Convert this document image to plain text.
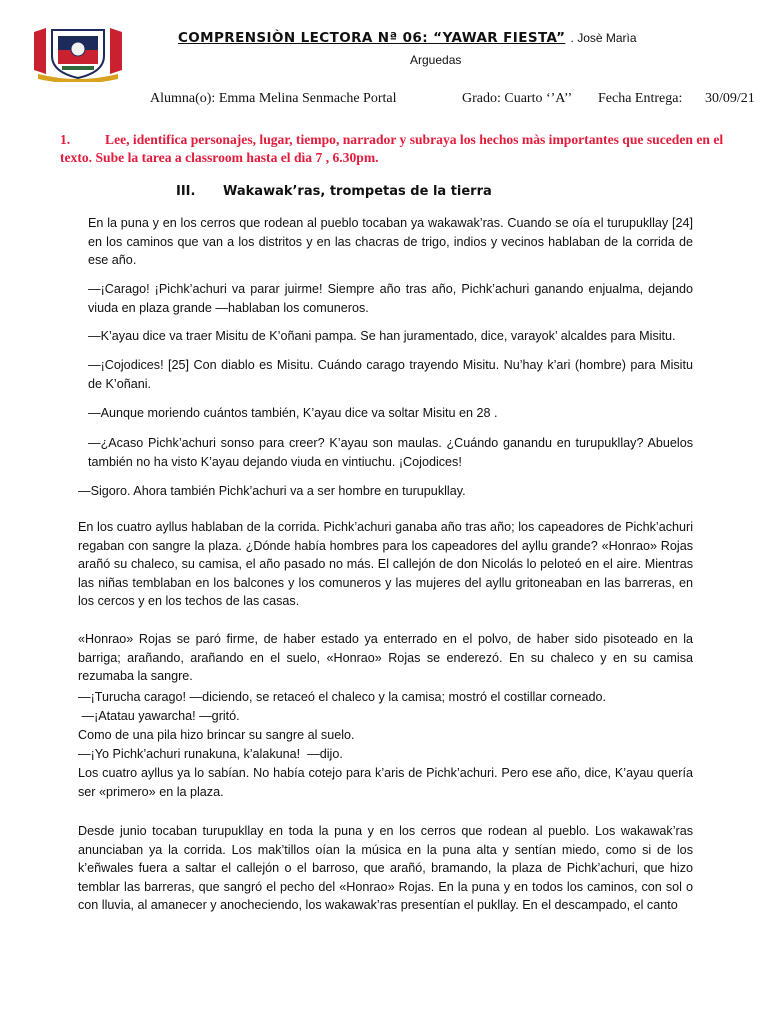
COMPRENSIÒN LECTORA Nª 06: “YAWAR FIESTA” . Josè Marìa
Arguedas
Alumna(o): Emma Melina Senmache Portal	Grado: Cuarto ‘’A’’ Fecha Entrega: 30/09/21
1.	Lee, identifica personajes, lugar, tiempo, narrador y subraya los hechos màs importantes que suceden en el texto. Sube la tarea a classroom hasta el dìa 7 , 6.30pm.
III. Wakawak’ras, trompetas de la tierra

En la puna y en los cerros que rodean al pueblo tocaban ya wakawak’ras. Cuando se oía el turupukllay [24] en los caminos que van a los distritos y en las chacras de trigo, indios y vecinos hablaban de la corrida de ese año.

—¡Carago! ¡Pichk’achuri va parar juirme! Siempre año tras año, Pichk’achuri ganando enjualma, dejando viuda en plaza grande —hablaban los comuneros.

—K’ayau dice va traer Misitu de K’oñani pampa. Se han juramentado, dice, varayok’ alcaldes para Misitu.

—¡Cojodices! [25] Con diablo es Misitu. Cuándo carago trayendo Misitu. Nu’hay k’ari (hombre) para Misitu de K’oñani.

—Aunque moriendo cuántos también, K’ayau dice va soltar Misitu en 28 .

—¿Acaso Pichk’achuri sonso para creer? K’ayau son maulas. ¿Cuándo ganandu en turupukllay? Abuelos también no ha visto K’ayau dejando viuda en vintiuchu. ¡Cojodices!

—Sigoro. Ahora también Pichk’achuri va a ser hombre en turupukllay.

En los cuatro ayllus hablaban de la corrida. Pichk’achuri ganaba año tras año; los capeadores de Pichk’achuri regaban con sangre la plaza. ¿Dónde había hombres para los capeadores del ayllu grande? «Honrao» Rojas arañó su chaleco, su camisa, el año pasado no más. El callejón de don Nicolás lo peloteó en el aire. Mientras las niñas temblaban en los balcones y los comuneros y las mujeres del ayllu gritoneaban en las barreras, en los cercos y en los techos de las casas.

«Honrao» Rojas se paró firme, de haber estado ya enterrado en el polvo, de haber sido pisoteado en la barriga; arañando, arañando en el suelo, «Honrao» Rojas se enderezó. En su chaleco y en su camisa rezumaba la sangre.

—¡Turucha carago! —diciendo, se retaceó el chaleco y la camisa; mostró el costillar corneado.

—¡Atatau yawarcha! —gritó.

Como de una pila hizo brincar su sangre al suelo.

—¡Yo Pichk’achuri runakuna, k’alakuna!  —dijo.

Los cuatro ayllus ya lo sabían. No había cotejo para k’aris de Pichk’achuri. Pero ese año, dice, K’ayau quería ser «primero» en la plaza.

Desde junio tocaban turupukllay en toda la puna y en los cerros que rodean al pueblo. Los wakawak’ras anunciaban ya la corrida. Los mak’tillos oían la música en la puna alta y sentían miedo, como si de los k’eñwales fuera a saltar el callejón o el barroso, que arañó, bramando, la plaza de Pichk’achuri, que hizo temblar las barreras, que sangró el pecho del «Honrao» Rojas. En la puna y en todos los caminos, con sol o con lluvia, al amanecer y anocheciendo, los wakawak’ras presentían el pukllay. En el descampado, el canto
